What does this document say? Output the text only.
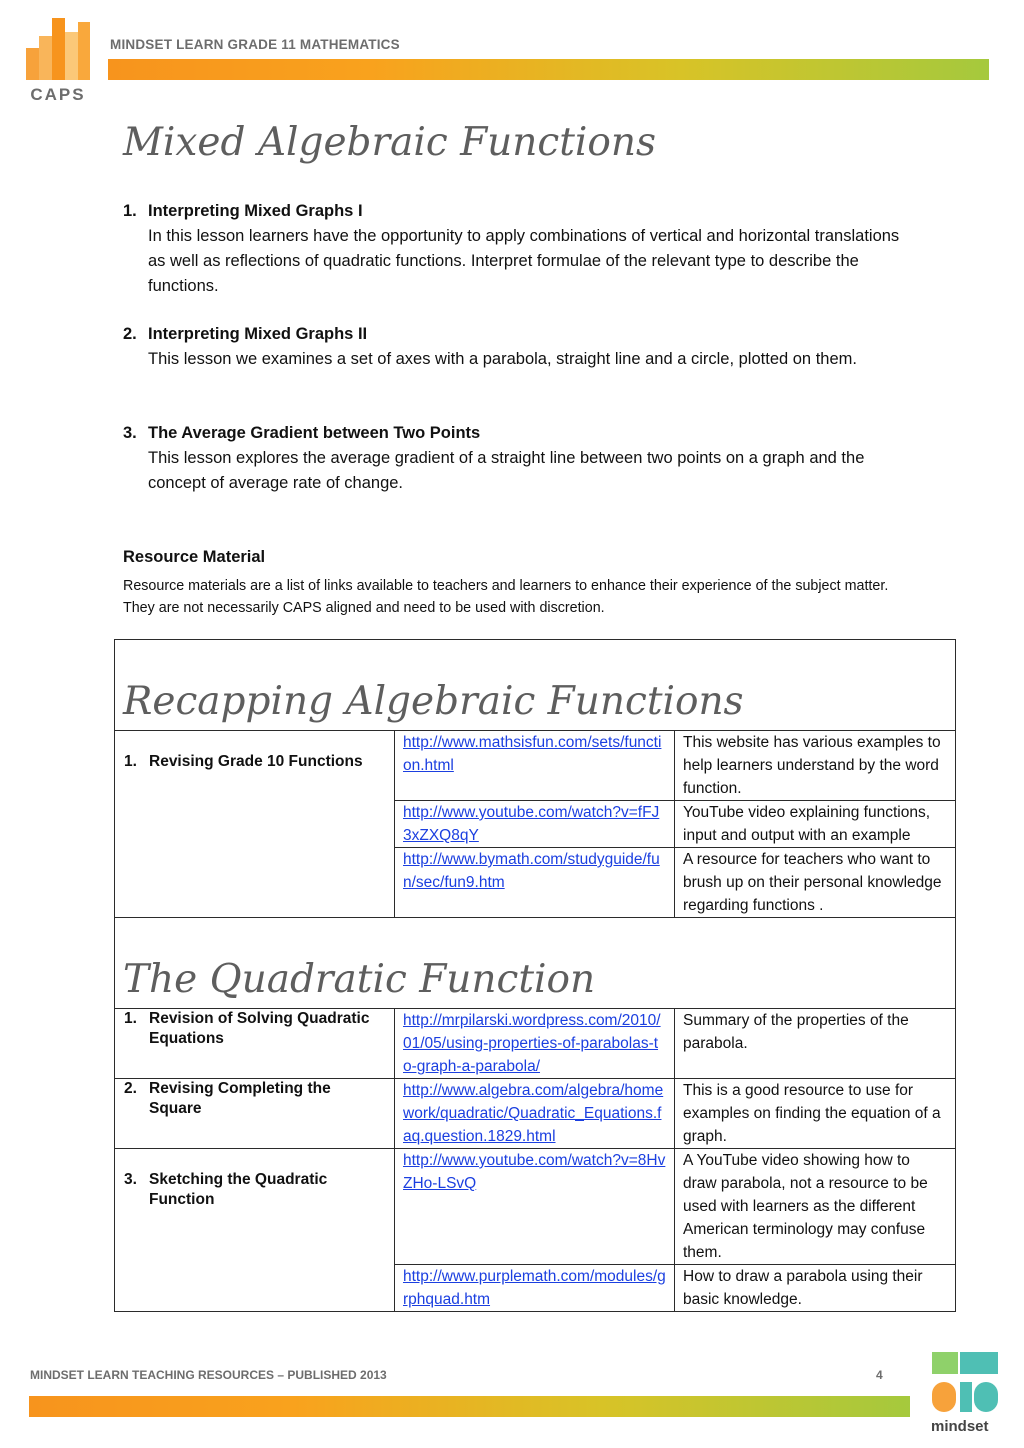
CAPS
MINDSET LEARN GRADE 11 MATHEMATICS
Mixed Algebraic Functions
1. Interpreting Mixed Graphs I
In this lesson learners have the opportunity to apply combinations of vertical and horizontal translations as well as reflections of quadratic functions. Interpret formulae of the relevant type to describe the functions.
2. Interpreting Mixed Graphs II
This lesson we examines a set of axes with a parabola, straight line and a circle, plotted on them.
3. The Average Gradient between Two Points
This lesson explores the average gradient of a straight line between two points on a graph and the concept of average rate of change.
Resource Material
Resource materials are a list of links available to teachers and learners to enhance their experience of the subject matter. They are not necessarily CAPS aligned and need to be used with discretion.
Recapping Algebraic Functions		

1. Revising Grade 10 Functions	http://www.mathsisfun.com/sets/function.html	This website has various examples to help learners understand by the word function.
	http://www.youtube.com/watch?v=fFJ3xZXQ8qY	YouTube video explaining functions, input and output with an example
	http://www.bymath.com/studyguide/fun/sec/fun9.htm	A resource for teachers who want to brush up on their personal knowledge regarding functions .

The Quadratic Function		

1. Revision of Solving Quadratic Equations	http://mrpilarski.wordpress.com/2010/01/05/using-properties-of-parabolas-to-graph-a-parabola/	Summary of the properties of the parabola.

2. Revising Completing the Square	http://www.algebra.com/algebra/homework/quadratic/Quadratic_Equations.faq.question.1829.html	This is a good resource to use for examples on finding the equation of a graph.

3. Sketching the Quadratic Function	http://www.youtube.com/watch?v=8HvZHo-LSvQ	A YouTube video showing how to draw parabola, not a resource to be used with learners as the different American terminology may confuse them.
	http://www.purplemath.com/modules/grphquad.htm	How to draw a parabola using their basic knowledge.
MINDSET LEARN TEACHING RESOURCES – PUBLISHED 2013	4
mindset
